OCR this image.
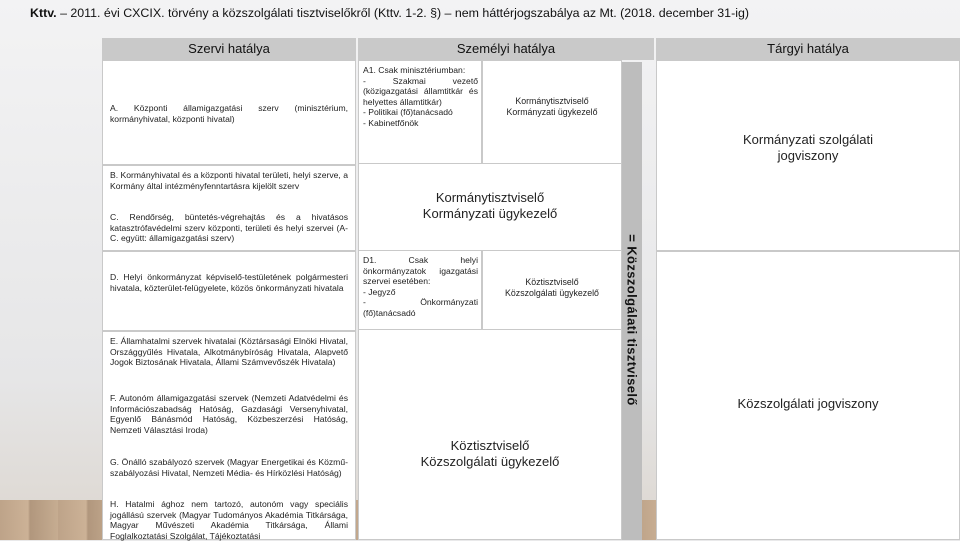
Kttv. – 2011. évi CXCIX. törvény a közszolgálati tisztviselőkről (Kttv. 1-2. §) – nem háttérjogszabálya az Mt. (2018. december 31-ig)
Szervi hatálya	Személyi hatálya	Tárgyi hatálya
A. Központi államigazgatási szerv (minisztérium, kormányhivatal, központi hivatal)
B. Kormányhivatal és a központi hivatal területi, helyi szerve, a Kormány által intézményfenntartásra kijelölt szerv
C. Rendőrség, büntetés-végrehajtás és a hivatásos katasztrófavédelmi szerv központi, területi és helyi szervei (A-C. együtt: államigazgatási szerv)
D. Helyi önkormányzat képviselő-testületének polgármesteri hivatala, közterület-felügyelete, közös önkormányzati hivatala
E. Államhatalmi szervek hivatalai (Köztársasági Elnöki Hivatal, Országgyűlés Hivatala, Alkotmánybíróság Hivatala, Alapvető Jogok Biztosának Hivatala, Állami Számvevőszék Hivatala)
F. Autonóm államigazgatási szervek (Nemzeti Adatvédelmi és Információszabadság Hatóság, Gazdasági Versenyhivatal, Egyenlő Bánásmód Hatóság, Közbeszerzési Hatóság, Nemzeti Választási Iroda)
G. Önálló szabályozó szervek (Magyar Energetikai és Közmű-szabályozási Hivatal, Nemzeti Média- és Hírközlési Hatóság)
H. Hatalmi ághoz nem tartozó, autonóm vagy speciális jogállású szervek (Magyar Tudományos Akadémia Titkársága, Magyar Művészeti Akadémia Titkársága, Állami Foglalkoztatási Szolgálat, Tájékoztatási
A1. Csak minisztériumban:
- Szakmai vezető (közigazgatási államtitkár és helyettes államtitkár)
- Politikai (fő)tanácsadó
- Kabinetfőnök
Kormánytisztviselő
Kormányzati ügykezelő
Kormánytisztviselő
Kormányzati ügykezelő
D1. Csak helyi önkormányzatok igazgatási szervei esetében:
- Jegyző
- Önkormányzati (fő)tanácsadó
Köztisztviselő
Közszolgálati ügykezelő
Köztisztviselő
Közszolgálati ügykezelő
= Közszolgálati tisztviselő
Kormányzati szolgálati jogviszony
Közszolgálati jogviszony
